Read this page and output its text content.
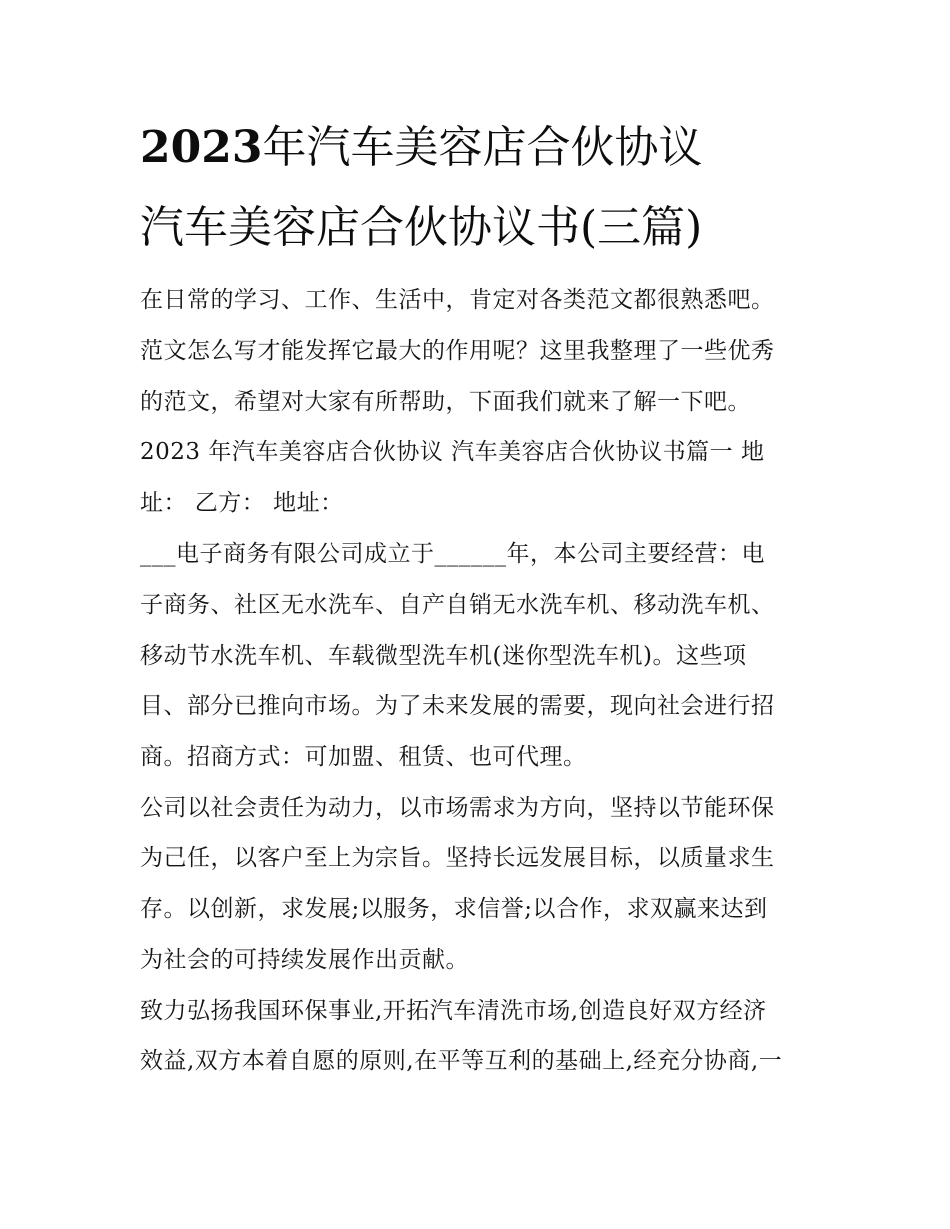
2023年汽车美容店合伙协议
汽车美容店合伙协议书(三篇)

在日常的学习、工作、生活中，肯定对各类范文都很熟悉吧。

范文怎么写才能发挥它最大的作用呢？这里我整理了一些优秀

的范文，希望对大家有所帮助，下面我们就来了解一下吧。

2023 年汽车美容店合伙协议 汽车美容店合伙协议书篇一 地

址： 乙方： 地址：

___电子商务有限公司成立于______年，本公司主要经营：电

子商务、社区无水洗车、自产自销无水洗车机、移动洗车机、

移动节水洗车机、车载微型洗车机(迷你型洗车机)。这些项

目、部分已推向市场。为了未来发展的需要，现向社会进行招

商。招商方式：可加盟、租赁、也可代理。

公司以社会责任为动力，以市场需求为方向，坚持以节能环保

为己任，以客户至上为宗旨。坚持长远发展目标，以质量求生

存。以创新，求发展;以服务，求信誉;以合作，求双赢来达到

为社会的可持续发展作出贡献。

致力弘扬我国环保事业,开拓汽车清洗市场,创造良好双方经济

效益,双方本着自愿的原则,在平等互利的基础上,经充分协商,一
